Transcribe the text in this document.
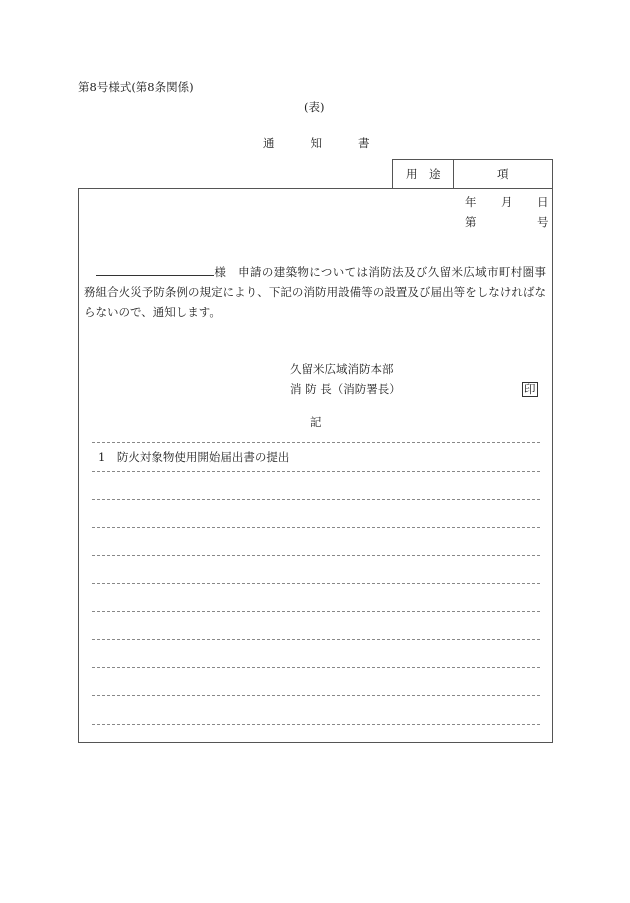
第8号様式(第8条関係)
(表)
通	知	書
用　途	項
年 月 日
第	号
様　 申請の建築物については消防法及び久留米広域市町村圏事務組合火災予防条例の規定により、下記の消防用設備等の設置及び届出等をしなければならないので、通知します。
久留米広域消防本部
消 防 長（消防署長）	印
記
1　防火対象物使用開始届出書の提出
